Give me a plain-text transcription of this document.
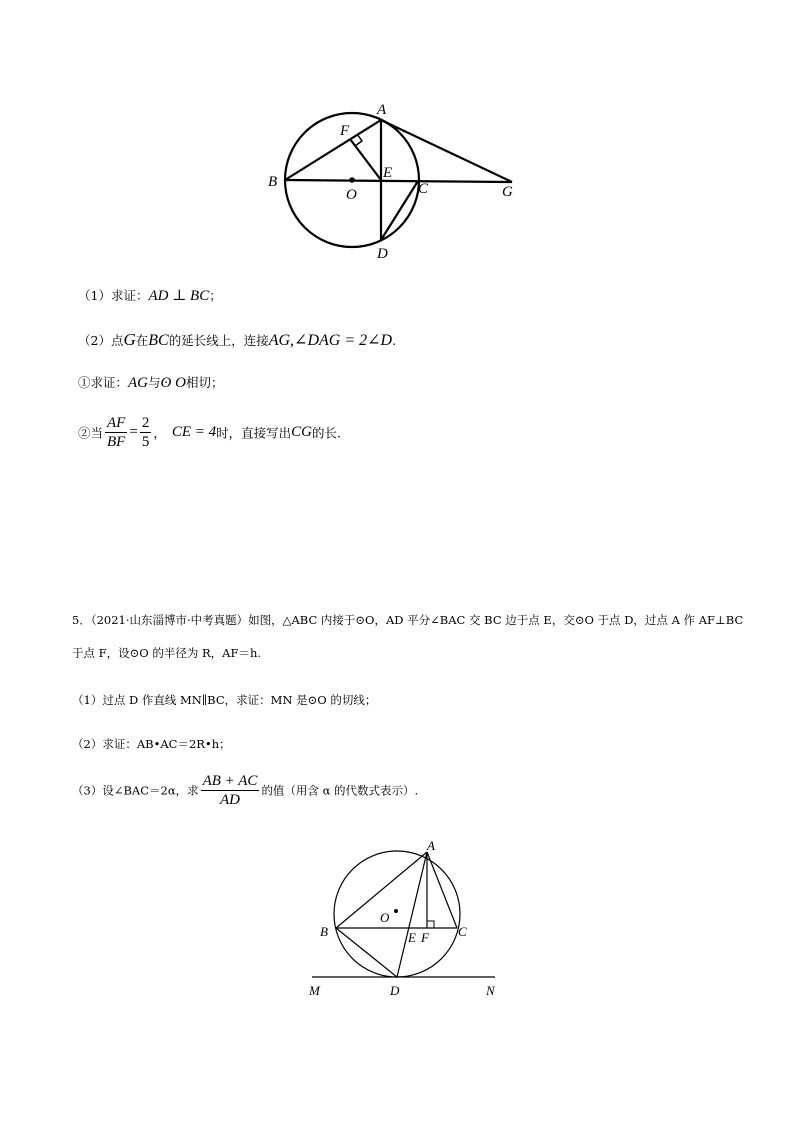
A
F
B
O
E
C	G
D
（1）求证：AD ⊥ BC；
（2）点G在BC的延长线上，连接AG,∠DAG = 2∠D.
①求证：AG与ʘ O相切；
②当 $\frac{AF}{BF} = \frac{2}{5}$ ， CE = 4时，直接写出CG的长.
5．（2021·山东淄博市·中考真题）如图，△ABC 内接于⊙O，AD 平分∠BAC 交 BC 边于点 E，交⊙O 于点 D，过点 A 作 AF⊥BC
于点 F，设⊙O 的半径为 R，AF＝h.
（1）过点 D 作直线 MN∥BC，求证：MN 是⊙O 的切线；
（2）求证：AB•AC＝2R•h；
（3）设∠BAC＝2α，求 $\frac{AB + AC}{AD}$ 的值（用含 α 的代数式表示）.
A
O
B	E F C
M	D	N
